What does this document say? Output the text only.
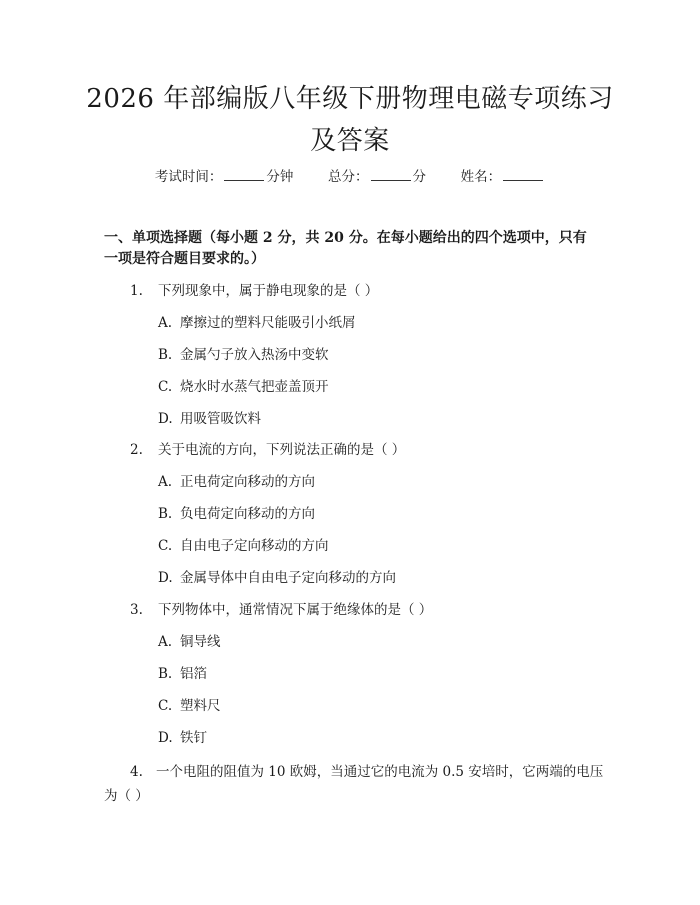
2026 年部编版八年级下册物理电磁专项练习
及答案
考试时间：	分钟	总分：	分	姓名：
一、单项选择题（每小题 2 分，共 20 分。在每小题给出的四个选项中，只有一项是符合题目要求的。）
1. 下列现象中，属于静电现象的是（ ）
A. 摩擦过的塑料尺能吸引小纸屑
B. 金属勺子放入热汤中变软
C. 烧水时水蒸气把壶盖顶开
D. 用吸管吸饮料
2. 关于电流的方向，下列说法正确的是（ ）
A. 正电荷定向移动的方向
B. 负电荷定向移动的方向
C. 自由电子定向移动的方向
D. 金属导体中自由电子定向移动的方向
3. 下列物体中，通常情况下属于绝缘体的是（ ）
A. 铜导线
B. 铝箔
C. 塑料尺
D. 铁钉
4. 一个电阻的阻值为 10 欧姆，当通过它的电流为 0.5 安培时，它两端的电压为（ ）
